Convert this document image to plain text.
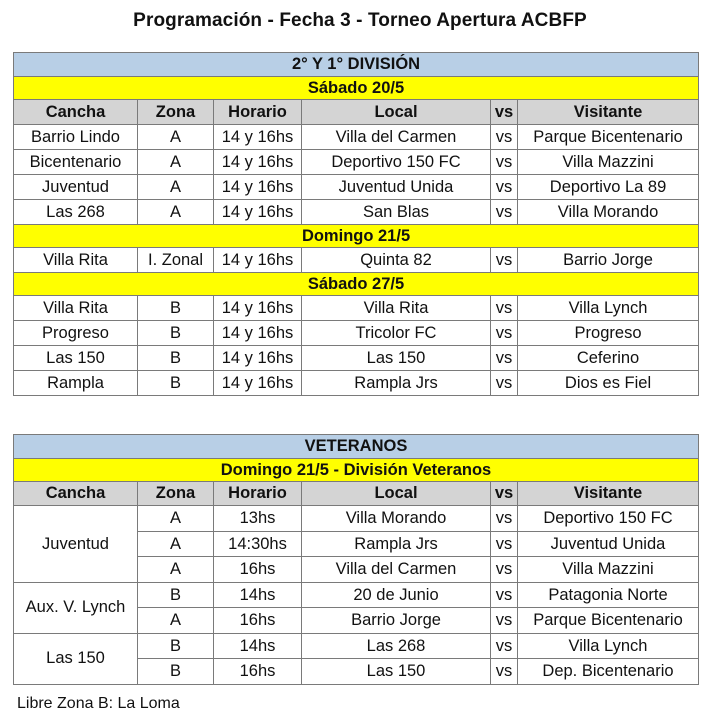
Programación - Fecha 3 - Torneo Apertura ACBFP
2° Y 1° DIVISIÓN					
Sábado 20/5					
Cancha	Zona	Horario	Local	vs	Visitante
Barrio Lindo	A	14 y 16hs	Villa del Carmen	vs	Parque Bicentenario
Bicentenario	A	14 y 16hs	Deportivo 150 FC	vs	Villa Mazzini
Juventud	A	14 y 16hs	Juventud Unida	vs	Deportivo La 89
Las 268	A	14 y 16hs	San Blas	vs	Villa Morando
Domingo 21/5					
Villa Rita	I. Zonal	14 y 16hs	Quinta 82	vs	Barrio Jorge
Sábado 27/5					
Villa Rita	B	14 y 16hs	Villa Rita	vs	Villa Lynch
Progreso	B	14 y 16hs	Tricolor FC	vs	Progreso
Las 150	B	14 y 16hs	Las 150	vs	Ceferino
Rampla	B	14 y 16hs	Rampla Jrs	vs	Dios es Fiel
VETERANOS					
Domingo 21/5 - División Veteranos					
Cancha	Zona	Horario	Local	vs	Visitante
Juventud	A	13hs	Villa Morando	vs	Deportivo 150 FC
	A	14:30hs	Rampla Jrs	vs	Juventud Unida
	A	16hs	Villa del Carmen	vs	Villa Mazzini
Aux. V. Lynch	B	14hs	20 de Junio	vs	Patagonia Norte
	A	16hs	Barrio Jorge	vs	Parque Bicentenario
Las 150	B	14hs	Las 268	vs	Villa Lynch
	B	16hs	Las 150	vs	Dep. Bicentenario
Libre Zona B: La Loma
